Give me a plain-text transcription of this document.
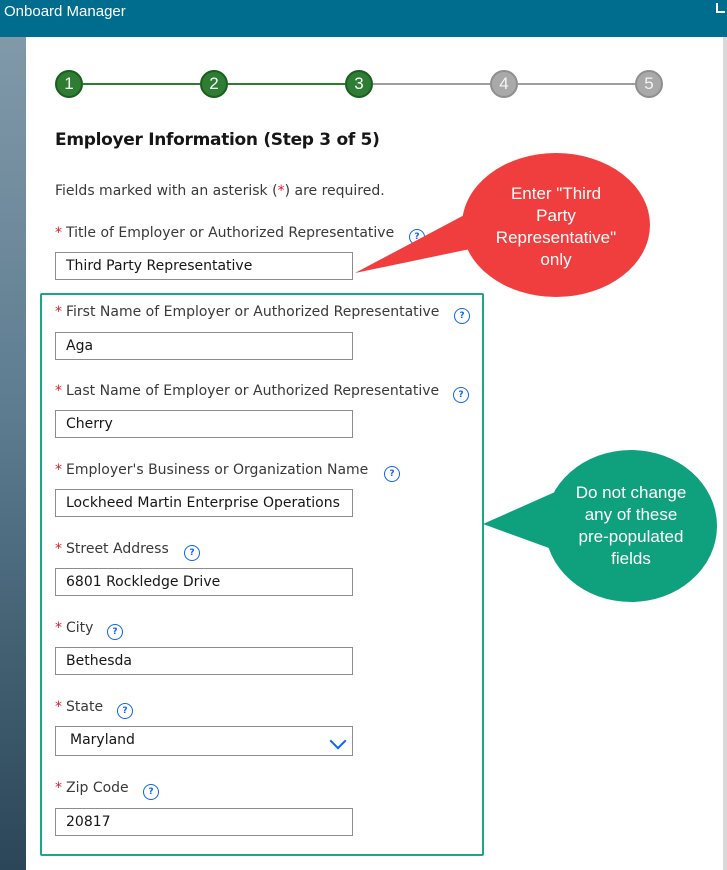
Onboard Manager
1	2	3	4	5
Employer Information (Step 3 of 5)
Fields marked with an asterisk (*) are required.
* Title of Employer or Authorized Representative	?
Third Party Representative
* First Name of Employer or Authorized Representative	?
Aga
* Last Name of Employer or Authorized Representative	?
Cherry
* Employer's Business or Organization Name	?
Lockheed Martin Enterprise Operations
* Street Address	?
6801 Rockledge Drive
* City	?
Bethesda
* State	?
Maryland
* Zip Code	?
20817
Enter "Third
Party
Representative"
only
Do not change
any of these
pre-populated
fields
